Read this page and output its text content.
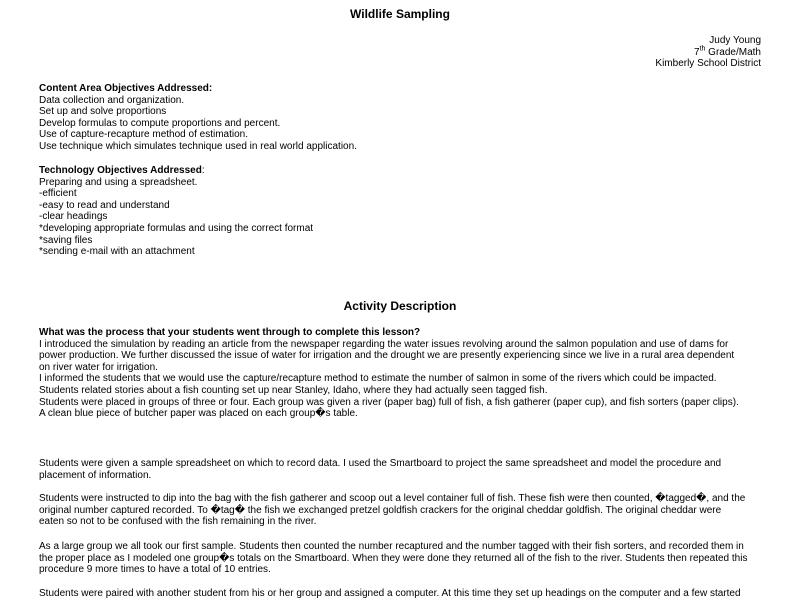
Wildlife Sampling
Judy Young
7th Grade/Math
Kimberly School District
Content Area Objectives Addressed:
Data collection and organization.
Set up and solve proportions
Develop formulas to compute proportions and percent.
Use of capture-recapture method of estimation.
Use technique which simulates technique used in real world application.
Technology Objectives Addressed:
Preparing and using a spreadsheet.
-efficient
-easy to read and understand
-clear headings
*developing appropriate formulas and using the correct format
*saving files
*sending e-mail with an attachment
Activity Description
What was the process that your students went through to complete this lesson?
I introduced the simulation by reading an article from the newspaper regarding the water issues revolving around the salmon population and use of dams for
power production. We further discussed the issue of water for irrigation and the drought we are presently experiencing since we live in a rural area dependent
on river water for irrigation.
I informed the students that we would use the capture/recapture method to estimate the number of salmon in some of the rivers which could be impacted.
Students related stories about a fish counting set up near Stanley, Idaho, where they had actually seen tagged fish.
Students were placed in groups of three or four. Each group was given a river (paper bag) full of fish, a fish gatherer (paper cup), and fish sorters (paper clips).
A clean blue piece of butcher paper was placed on each group�s table.
Students were given a sample spreadsheet on which to record data. I used the Smartboard to project the same spreadsheet and model the procedure and
placement of information.
Students were instructed to dip into the bag with the fish gatherer and scoop out a level container full of fish. These fish were then counted, �tagged�, and the
original number captured recorded. To �tag� the fish we exchanged pretzel goldfish crackers for the original cheddar goldfish. The original cheddar were
eaten so not to be confused with the fish remaining in the river.
As a large group we all took our first sample. Students then counted the number recaptured and the number tagged with their fish sorters, and recorded them in
the proper place as I modeled one group�s totals on the Smartboard. When they were done they returned all of the fish to the river. Students then repeated this
procedure 9 more times to have a total of 10 entries.
Students were paired with another student from his or her group and assigned a computer. At this time they set up headings on the computer and a few started
